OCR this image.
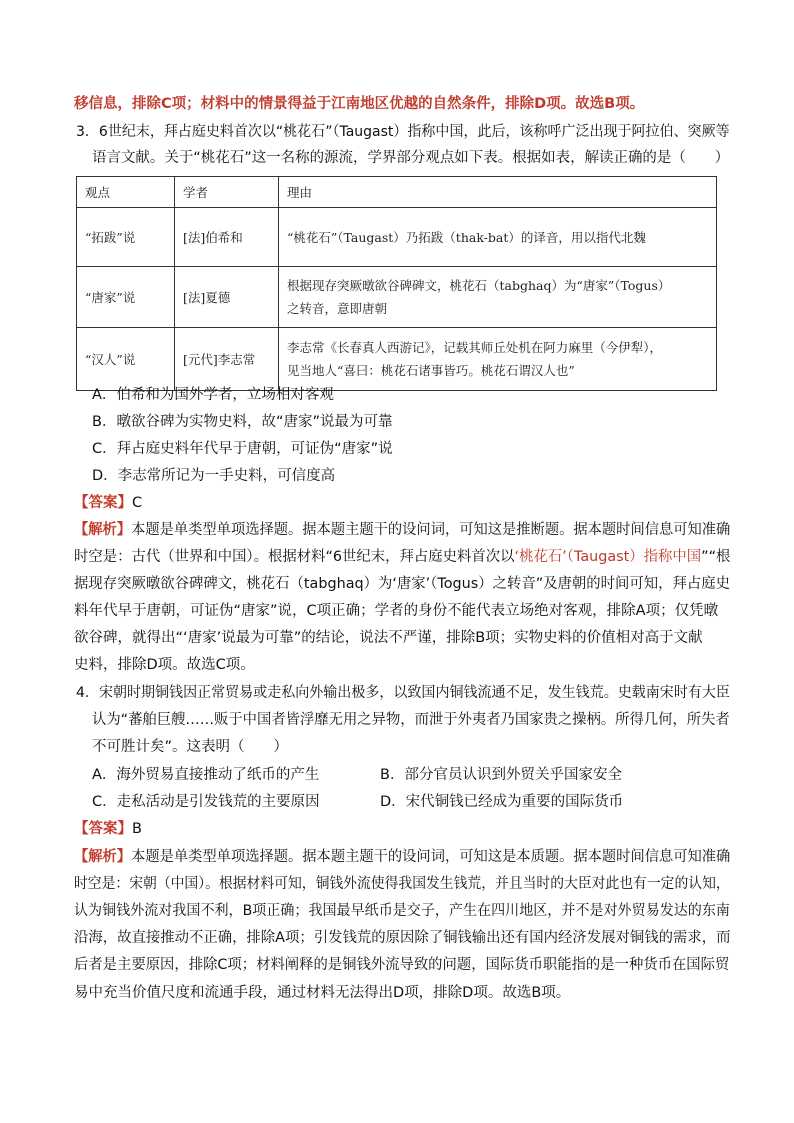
移信息，排除C项；材料中的情景得益于江南地区优越的自然条件，排除D项。故选B项。
3．6世纪末，拜占庭史料首次以“桃花石”（Taugast）指称中国，此后，该称呼广泛出现于阿拉伯、突厥等
语言文献。关于“桃花石”这一名称的源流，学界部分观点如下表。根据如表，解读正确的是（　　）
观点	学者	理由
“拓跋”说	[法]伯希和	“桃花石”（Taugast）乃拓跋（thak-bat）的译音，用以指代北魏

“唐家”说	[法]夏德	根据现存突厥暾欲谷碑碑文，桃花石（tabghaq）为“唐家”（Togus）
之转音，意即唐朝

“汉人”说	[元代]李志常	李志常《长春真人西游记》，记载其师丘处机在阿力麻里（今伊犁），
见当地人“喜曰：桃花石诸事皆巧。桃花石谓汉人也”
A．伯希和为国外学者，立场相对客观
B．暾欲谷碑为实物史料，故“唐家”说最为可靠
C．拜占庭史料年代早于唐朝，可证伪“唐家”说
D．李志常所记为一手史料，可信度高
【答案】C
【解析】本题是单类型单项选择题。据本题主题干的设问词，可知这是推断题。据本题时间信息可知准确
时空是：古代（世界和中国）。根据材料“6世纪末，拜占庭史料首次以‘桃花石’（Taugast）指称中国”“根
据现存突厥暾欲谷碑碑文，桃花石（tabghaq）为‘唐家’（Togus）之转音”及唐朝的时间可知，拜占庭史
料年代早于唐朝，可证伪“唐家”说，C项正确；学者的身份不能代表立场绝对客观，排除A项；仅凭暾
欲谷碑，就得出“‘唐家’说最为可靠”的结论，说法不严谨，排除B项；实物史料的价值相对高于文献
史料，排除D项。故选C项。
4．宋朝时期铜钱因正常贸易或走私向外输出极多，以致国内铜钱流通不足，发生钱荒。史载南宋时有大臣
认为“蕃舶巨艘……贩于中国者皆浮靡无用之异物，而泄于外夷者乃国家贵之操柄。所得几何，所失者
不可胜计矣”。这表明（　　）
A．海外贸易直接推动了纸币的产生	B．部分官员认识到外贸关乎国家安全
C．走私活动是引发钱荒的主要原因	D．宋代铜钱已经成为重要的国际货币
【答案】B
【解析】本题是单类型单项选择题。据本题主题干的设问词，可知这是本质题。据本题时间信息可知准确
时空是：宋朝（中国）。根据材料可知，铜钱外流使得我国发生钱荒，并且当时的大臣对此也有一定的认知，
认为铜钱外流对我国不利，B项正确；我国最早纸币是交子，产生在四川地区，并不是对外贸易发达的东南
沿海，故直接推动不正确，排除A项；引发钱荒的原因除了铜钱输出还有国内经济发展对铜钱的需求，而
后者是主要原因，排除C项；材料阐释的是铜钱外流导致的问题，国际货币职能指的是一种货币在国际贸
易中充当价值尺度和流通手段，通过材料无法得出D项，排除D项。故选B项。
